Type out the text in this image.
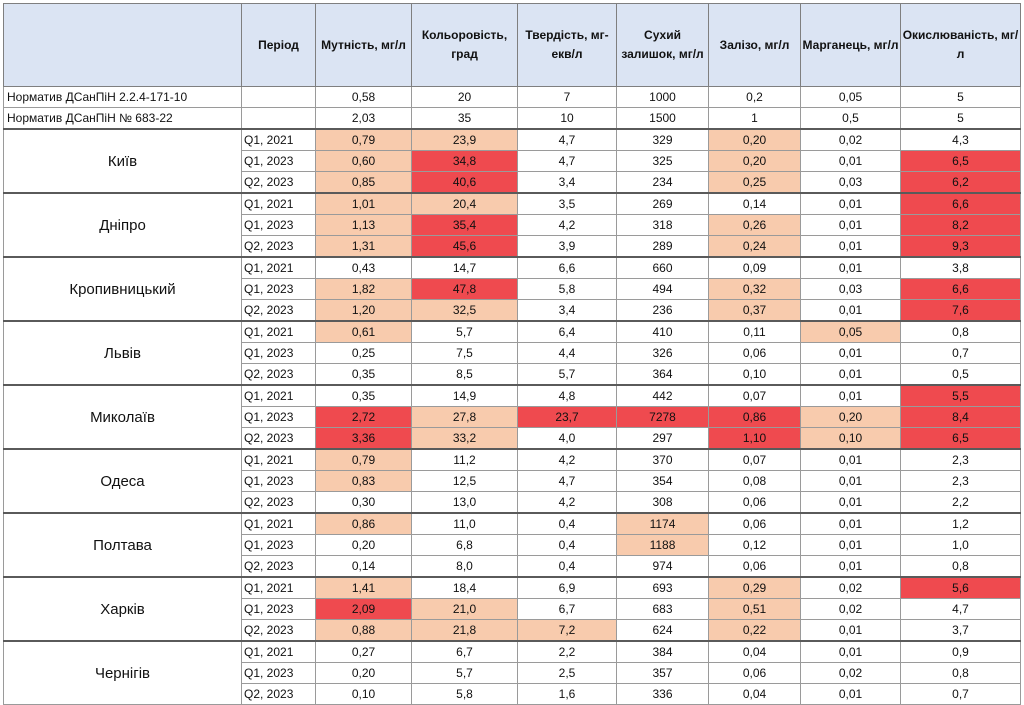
	Період	Мутність, мг/л	Кольоровість, град	Твердість, мг-екв/л	Сухий залишок, мг/л	Залізо, мг/л	Марганець, мг/л	Окислюваність, мг/л
Норматив ДСанПіН 2.2.4-171-10		0,58	20	7	1000	0,2	0,05	5
Норматив ДСанПіН № 683-22		2,03	35	10	1500	1	0,5	5
Київ	Q1, 2021	0,79	23,9	4,7	329	0,20	0,02	4,3
	Q1, 2023	0,60	34,8	4,7	325	0,20	0,01	6,5
	Q2, 2023	0,85	40,6	3,4	234	0,25	0,03	6,2
Дніпро	Q1, 2021	1,01	20,4	3,5	269	0,14	0,01	6,6
	Q1, 2023	1,13	35,4	4,2	318	0,26	0,01	8,2
	Q2, 2023	1,31	45,6	3,9	289	0,24	0,01	9,3
Кропивницький	Q1, 2021	0,43	14,7	6,6	660	0,09	0,01	3,8
	Q1, 2023	1,82	47,8	5,8	494	0,32	0,03	6,6
	Q2, 2023	1,20	32,5	3,4	236	0,37	0,01	7,6
Львів	Q1, 2021	0,61	5,7	6,4	410	0,11	0,05	0,8
	Q1, 2023	0,25	7,5	4,4	326	0,06	0,01	0,7
	Q2, 2023	0,35	8,5	5,7	364	0,10	0,01	0,5
Миколаїв	Q1, 2021	0,35	14,9	4,8	442	0,07	0,01	5,5
	Q1, 2023	2,72	27,8	23,7	7278	0,86	0,20	8,4
	Q2, 2023	3,36	33,2	4,0	297	1,10	0,10	6,5
Одеса	Q1, 2021	0,79	11,2	4,2	370	0,07	0,01	2,3
	Q1, 2023	0,83	12,5	4,7	354	0,08	0,01	2,3
	Q2, 2023	0,30	13,0	4,2	308	0,06	0,01	2,2
Полтава	Q1, 2021	0,86	11,0	0,4	1174	0,06	0,01	1,2
	Q1, 2023	0,20	6,8	0,4	1188	0,12	0,01	1,0
	Q2, 2023	0,14	8,0	0,4	974	0,06	0,01	0,8
Харків	Q1, 2021	1,41	18,4	6,9	693	0,29	0,02	5,6
	Q1, 2023	2,09	21,0	6,7	683	0,51	0,02	4,7
	Q2, 2023	0,88	21,8	7,2	624	0,22	0,01	3,7
Чернігів	Q1, 2021	0,27	6,7	2,2	384	0,04	0,01	0,9
	Q1, 2023	0,20	5,7	2,5	357	0,06	0,02	0,8
	Q2, 2023	0,10	5,8	1,6	336	0,04	0,01	0,7
